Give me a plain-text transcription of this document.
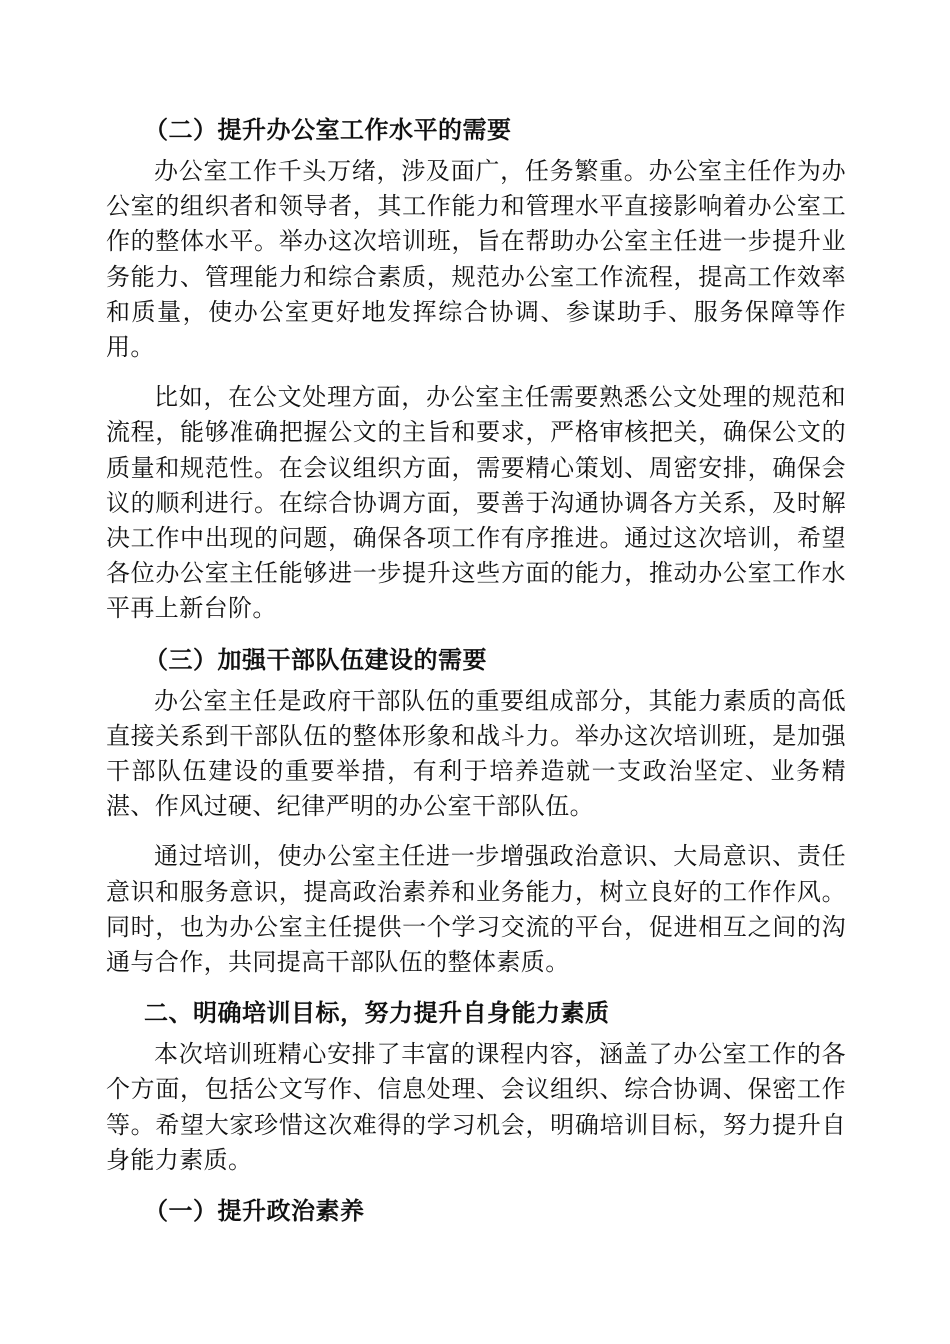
（二）提升办公室工作水平的需要

办公室工作千头万绪，涉及面广，任务繁重。办公室主任作为办公室的组织者和领导者，其工作能力和管理水平直接影响着办公室工作的整体水平。举办这次培训班，旨在帮助办公室主任进一步提升业务能力、管理能力和综合素质，规范办公室工作流程，提高工作效率和质量，使办公室更好地发挥综合协调、参谋助手、服务保障等作用。

比如，在公文处理方面，办公室主任需要熟悉公文处理的规范和流程，能够准确把握公文的主旨和要求，严格审核把关，确保公文的质量和规范性。在会议组织方面，需要精心策划、周密安排，确保会议的顺利进行。在综合协调方面，要善于沟通协调各方关系，及时解决工作中出现的问题，确保各项工作有序推进。通过这次培训，希望各位办公室主任能够进一步提升这些方面的能力，推动办公室工作水平再上新台阶。

（三）加强干部队伍建设的需要

办公室主任是政府干部队伍的重要组成部分，其能力素质的高低直接关系到干部队伍的整体形象和战斗力。举办这次培训班，是加强干部队伍建设的重要举措，有利于培养造就一支政治坚定、业务精湛、作风过硬、纪律严明的办公室干部队伍。

通过培训，使办公室主任进一步增强政治意识、大局意识、责任意识和服务意识，提高政治素养和业务能力，树立良好的工作作风。同时，也为办公室主任提供一个学习交流的平台，促进相互之间的沟通与合作，共同提高干部队伍的整体素质。

二、明确培训目标，努力提升自身能力素质

本次培训班精心安排了丰富的课程内容，涵盖了办公室工作的各个方面，包括公文写作、信息处理、会议组织、综合协调、保密工作等。希望大家珍惜这次难得的学习机会，明确培训目标，努力提升自身能力素质。

（一）提升政治素养
